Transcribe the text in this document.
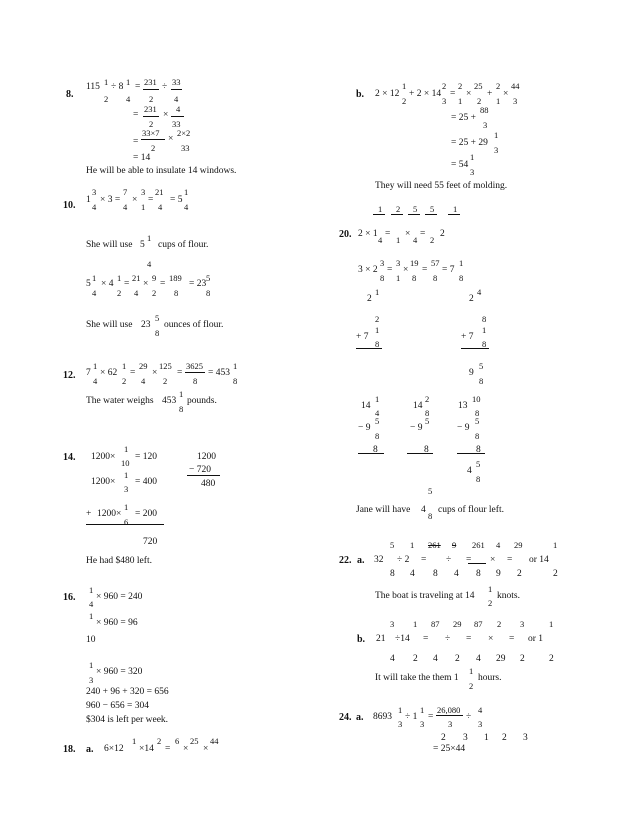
8.
115 1
2
÷ 8 1
4
= 231
2
÷ 33
4
=
231
2
×
4
33
=
33×7
2
×
2×2
33
= 14
He will be able to insulate 14 windows.
10. 1
3
4
× 3 =
7
4
×
3
1
=
21
4
= 5
1
4
She will use 5
1
cups of flour.
4
5
1
4
× 4
1
2
=
21
4
×
9
2
=
189
8
= 23
5
8
She will use 23
5
8
ounces of flour.
12. 7
1
4
× 62
1
2
=
29
4
×
125
2
=
3625
8
= 453
1
8
The water weighs 453
1
8
pounds.
14. 1200×
1
10
= 120
1200×
1
3
= 400
+ 1200×
1
6
= 200
720
1200
− 720
480
He had $480 left.
16.
1
4
× 960 = 240
1
× 960 = 96
10
1
3
× 960 = 320
240 + 96 + 320 = 656
960 − 656 = 304
$304 is left per week.
18. a. 6×12
1
×14
2
=
6
×
25
×
44
b. 2 × 12
1
2
+ 2 × 14
2
3
=
2
1
×
25
2
+
2
1
×
44
3
= 25 +
88
3
= 25 + 29
1
3
= 54
1
3
They will need 55 feet of molding.
1 2 5 5 1
20. 2 × 1
4
= ×
1 4
=
2
2
3 × 2
3
8
=
3
1
×
19
8
=
57
8
= 7
1
8
2
1
2
+ 7
1
8
2
4
8
+ 7
1
8
9
5
8
14
1
4
− 9
5
8
8
14
2
8
− 9
5
8
13
10
8
− 9
5
8
8
4
5
8
5
Jane will have 4 cups of flour left.
8
22. a.
5 1 261 9 261 4 29	1
32 ÷ 2 = ÷ = × = or 14
8 4 8 4 8 9 2	2
The boat is traveling at 14
1
2
knots.
b.
3 1 87 29 87 2 3	1
21 ÷14 = ÷ = × = or 1
4 2 4 2 4 29 2	2
It will take the them 1
1
2
hours.
24. a. 8693
1
3
÷ 1
1
3
=
26,080
3
÷
4
3
2 3 1 2 3
= 25×44
